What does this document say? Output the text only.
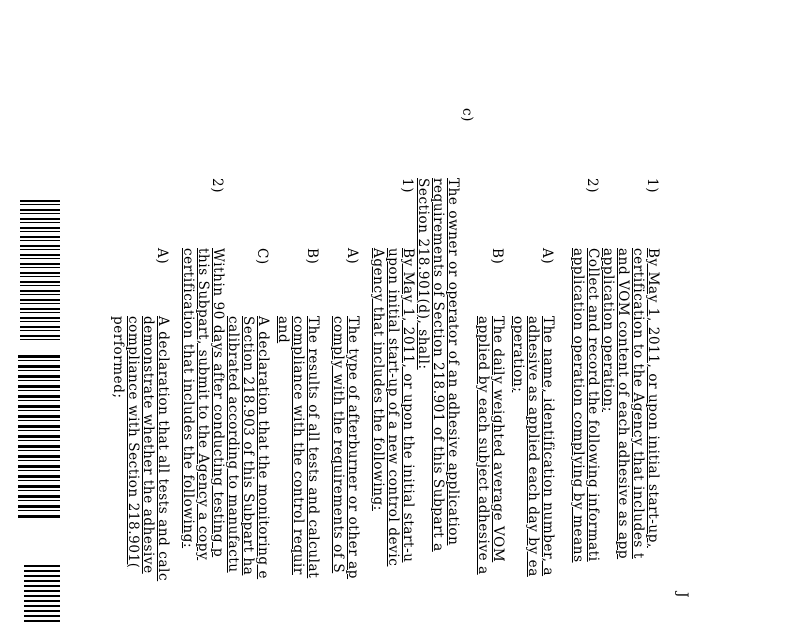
J
1)
By May 1, 2011, or upon initial start-up,
certification to the Agency that includes t
and VOM content of each adhesive as app
application operation;
2)
Collect and record the following informati
application operation complying by means
A)
The name, identification number, a
adhesive as applied each day by ea
operation;
B)
The daily weighted average VOM
applied by each subject adhesive a
c)
The owner or operator of an adhesive application
requirements of Section 218.901 of this Subpart a
Section 218.901(d), shall:
1)
By May 1, 2011, or upon the initial start-u
upon initial start-up of a new control devic
Agency that includes the following:
A)
The type of afterburner or other ap
comply with the requirements of S
B)
The results of all tests and calculat
compliance with the control requir
and
C)
A declaration that the monitoring e
Section 218.903 of this Subpart ha
calibrated according to manufactu
2)
Within 90 days after conducting testing p
this Subpart, submit to the Agency a copy
certification that includes the following:
A)
A declaration that all tests and calc
demonstrate whether the adhesive
compliance with Section 218.901(
performed;
